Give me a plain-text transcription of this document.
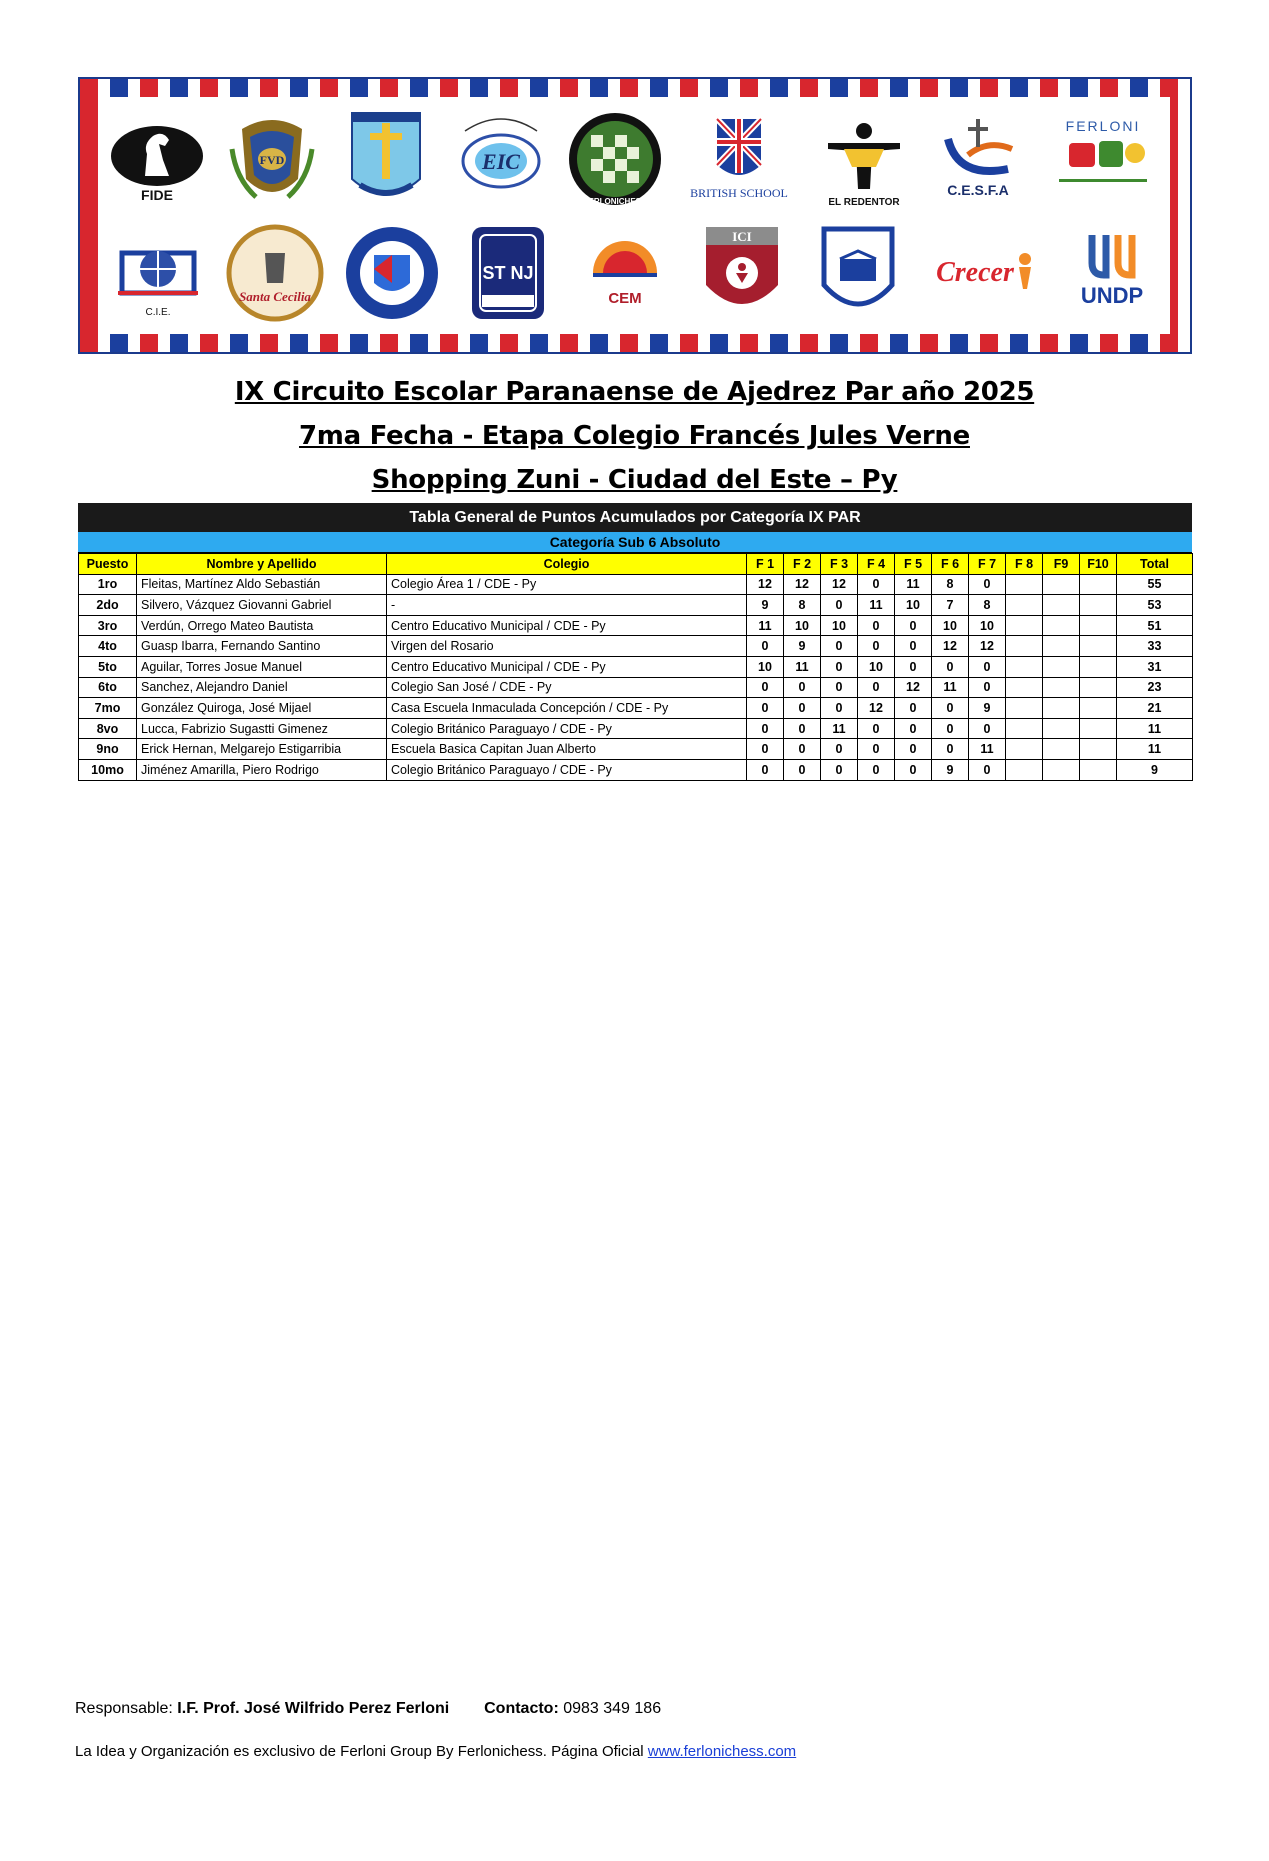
FIDE
FVD	EIC
FERLONICHESS
BRITISH SCHOOL
EL REDENTOR
C.E.S.F.A
FERLONI
C.I.E.
Santa Cecilia
ST NJ
CEM
ICI
Crecer
UNDP
IX Circuito Escolar Paranaense de Ajedrez Par año 2025
7ma Fecha - Etapa Colegio Francés Jules Verne
Shopping Zuni - Ciudad del Este – Py
Tabla General de Puntos Acumulados por Categoría IX PAR
Categoría Sub 6 Absoluto
Puesto	Nombre y Apellido	Colegio	F 1	F 2	F 3	F 4	F 5	F 6	F 7	F 8	F9	F10	Total
1ro	Fleitas, Martínez Aldo Sebastián	Colegio Área 1 / CDE - Py	12	12	12	0	11	8	0				55
2do	Silvero, Vázquez Giovanni Gabriel	-	9	8	0	11	10	7	8				53
3ro	Verdún, Orrego Mateo Bautista	Centro Educativo Municipal / CDE - Py	11	10	10	0	0	10	10				51
4to	Guasp Ibarra, Fernando Santino	Virgen del Rosario	0	9	0	0	0	12	12				33
5to	Aguilar, Torres Josue Manuel	Centro Educativo Municipal / CDE - Py	10	11	0	10	0	0	0				31
6to	Sanchez, Alejandro Daniel	Colegio San José / CDE - Py	0	0	0	0	12	11	0				23
7mo	González Quiroga, José Mijael	Casa Escuela Inmaculada Concepción / CDE - Py	0	0	0	12	0	0	9				21
8vo	Lucca, Fabrizio Sugastti Gimenez	Colegio Británico Paraguayo / CDE - Py	0	0	11	0	0	0	0				11
9no	Erick Hernan, Melgarejo Estigarribia	Escuela Basica Capitan Juan Alberto	0	0	0	0	0	0	11				11
10mo	Jiménez Amarilla, Piero Rodrigo	Colegio Británico Paraguayo / CDE - Py	0	0	0	0	0	9	0				9
Responsable: I.F. Prof. José Wilfrido Perez Ferloni Contacto: 0983 349 186
La Idea y Organización es exclusivo de Ferloni Group By Ferlonichess. Página Oficial www.ferlonichess.com
